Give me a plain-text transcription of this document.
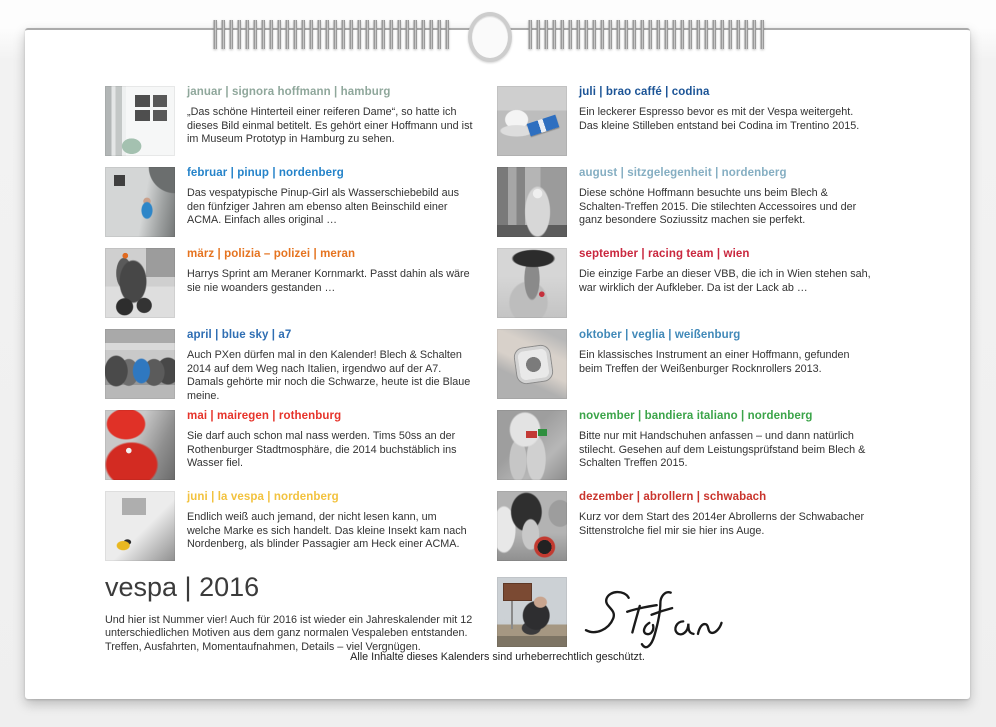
januar | signora hoffmann | hamburg

„Das schöne Hinterteil einer reiferen Dame“, so hatte ich dieses Bild einmal betitelt. Es gehört einer Hoffmann und ist im Museum Prototyp in Hamburg zu sehen.

februar | pinup | nordenberg

Das vespatypische Pinup-Girl als Wasserschiebebild aus den fünfziger Jahren am ebenso alten Beinschild einer ACMA. Einfach alles original …

märz | polizia – polizei | meran

Harrys Sprint am Meraner Kornmarkt. Passt dahin als wäre sie nie woanders gestanden …

april | blue sky | a7

Auch PXen dürfen mal in den Kalender! Blech & Schalten 2014 auf dem Weg nach Italien, irgendwo auf der A7. Damals gehörte mir noch die Schwarze, heute ist die Blaue meine.

mai | mairegen | rothenburg

Sie darf auch schon mal nass werden. Tims 50ss an der Rothenburger Stadtmosphäre, die 2014 buchstäblich ins Wasser fiel.

juni | la vespa | nordenberg

Endlich weiß auch jemand, der nicht lesen kann, um welche Marke es sich handelt. Das kleine Insekt kam nach Nordenberg, als blinder Passagier am Heck einer ACMA.

juli | brao caffé | codina

Ein leckerer Espresso bevor es mit der Vespa weitergeht. Das kleine Stilleben entstand bei Codina im Trentino 2015.

august | sitzgelegenheit | nordenberg

Diese schöne Hoffmann besuchte uns beim Blech & Schalten-Treffen 2015. Die stilechten Accessoires und der ganz besondere Soziussitz machen sie perfekt.

september | racing team | wien

Die einzige Farbe an dieser VBB, die ich in Wien stehen sah, war wirklich der Aufkleber. Da ist der Lack ab …

oktober | veglia | weißenburg

Ein klassisches Instrument an einer Hoffmann, gefunden beim Treffen der Weißenburger Rocknrollers 2013.

november | bandiera italiano | nordenberg

Bitte nur mit Handschuhen anfassen – und dann natürlich stilecht. Gesehen auf dem Leistungsprüfstand beim Blech & Schalten Treffen 2015.

dezember | abrollern | schwabach

Kurz vor dem Start des 2014er Abrollerns der Schwabacher Sittenstrolche fiel mir sie hier ins Auge.

vespa | 2016

Und hier ist Nummer vier! Auch für 2016 ist wieder ein Jahreskalender mit 12 unterschiedlichen Motiven aus dem ganz normalen Vespaleben entstanden. Treffen, Ausfahrten, Momentaufnahmen, Details – viel Vergnügen.

Alle Inhalte dieses Kalenders sind urheberrechtlich geschützt.
